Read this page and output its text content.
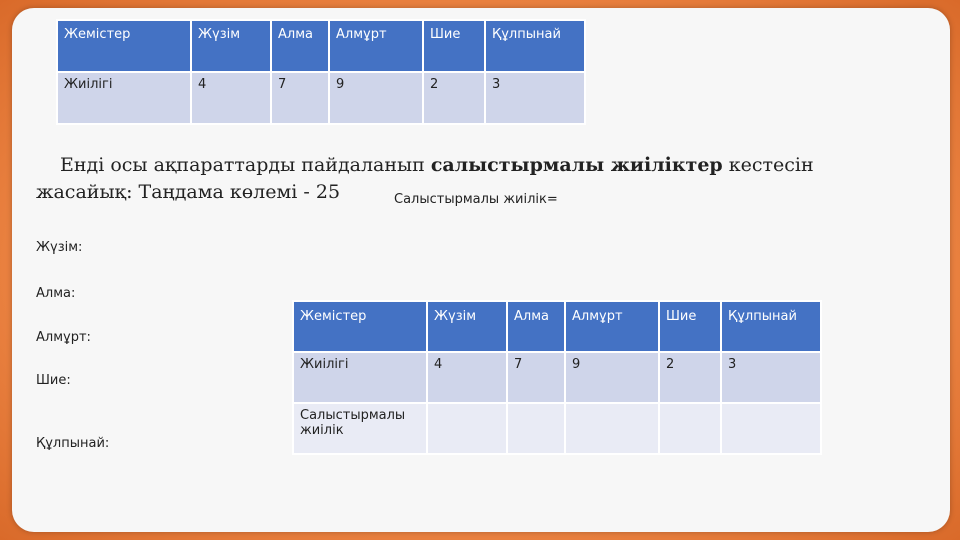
Жемістер	Жүзім	Алма	Алмұрт	Шие	Құлпынай
Жиілігі	4	7	9	2	3
Енді осы ақпараттарды пайдаланып салыстырмалы жиіліктер кестесін жасайық: Таңдама көлемі - 25	Салыстырмалы жиілік=
Жүзім:
Алма:
Алмұрт:
Шие:
Құлпынай:
Жемістер	Жүзім	Алма	Алмұрт	Шие	Құлпынай
Жиілігі	4	7	9	2	3
Салыстырмалы жиілік					
